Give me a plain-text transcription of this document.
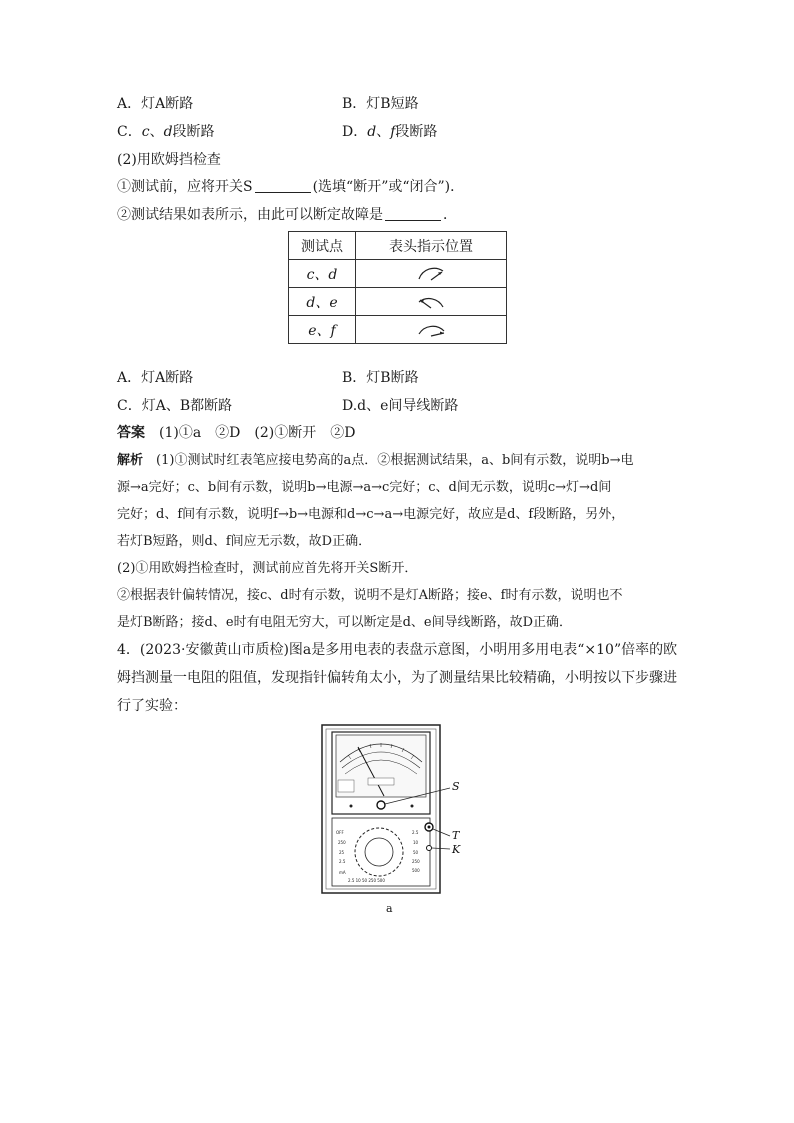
A．灯A断路	B．灯B短路
C．c、d段断路	D．d、f段断路
(2)用欧姆挡检查
①测试前，应将开关S	(选填“断开”或“闭合”)．
②测试结果如表所示，由此可以断定故障是	．
测试点	表头指示位置
c、d	
d、e	
e、f	
A．灯A断路	B．灯B断路
C．灯A、B都断路	D.d、e间导线断路
答案　 (1)①a　②D　(2)①断开　②D
解析　 (1)①测试时红表笔应接电势高的a点．②根据测试结果，a、b间有示数，说明b→电
源→a完好；c、b间有示数，说明b→电源→a→c完好；c、d间无示数，说明c→灯→d间
完好；d、f间有示数，说明f→b→电源和d→c→a→电源完好，故应是d、f段断路，另外，
若灯B短路，则d、f间应无示数，故D正确．
(2)①用欧姆挡检查时，测试前应首先将开关S断开．
②根据表针偏转情况，接c、d时有示数，说明不是灯A断路；接e、f时有示数，说明也不
是灯B断路；接d、e时有电阻无穷大，可以断定是d、e间导线断路，故D正确．
4．(2023·安徽黄山市质检)图a是多用电表的表盘示意图，小明用多用电表“×10”倍率的欧
姆挡测量一电阻的阻值，发现指针偏转角太小，为了测量结果比较精确，小明按以下步骤进
行了实验：
OFF
250
25
2.5
mA
2.5
10
50
250
500
2.5 10 50 250 500
S
T
K
a
